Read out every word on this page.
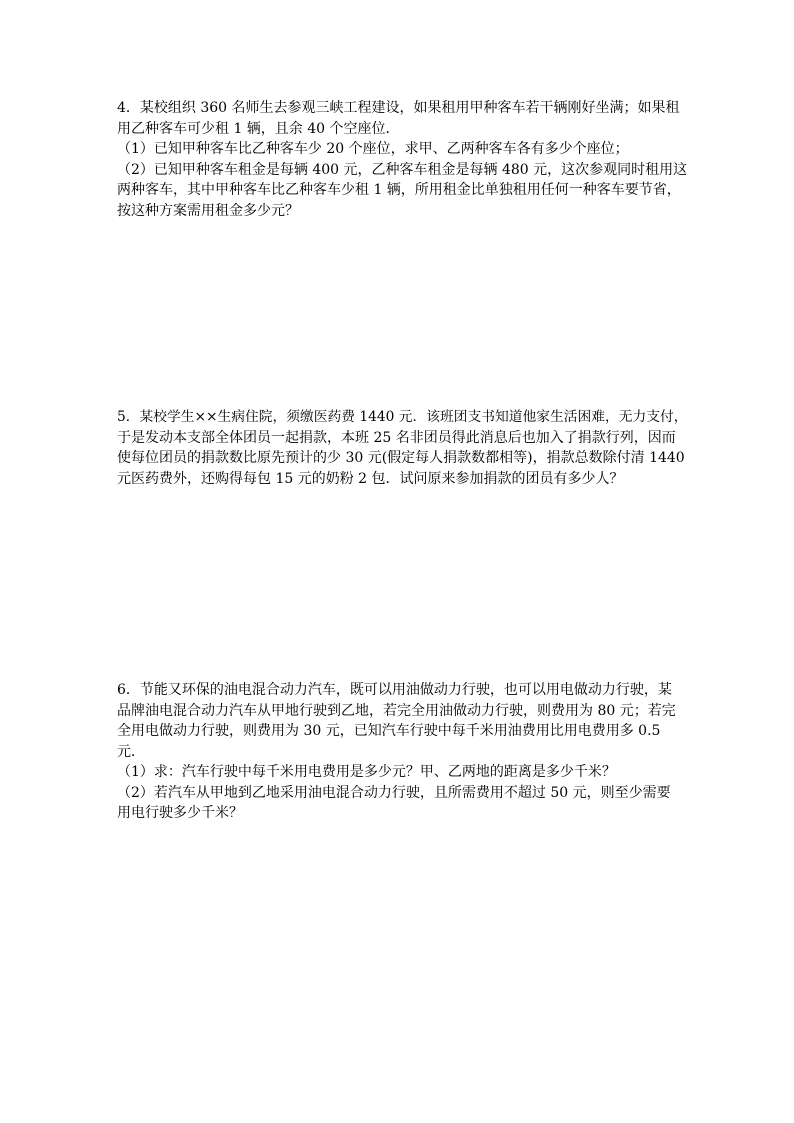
4．某校组织 360 名师生去参观三峡工程建设，如果租用甲种客车若干辆刚好坐满；如果租
用乙种客车可少租 1 辆，且余 40 个空座位．
（1）已知甲种客车比乙种客车少 20 个座位，求甲、乙两种客车各有多少个座位；
（2）已知甲种客车租金是每辆 400 元，乙种客车租金是每辆 480 元，这次参观同时租用这
两种客车，其中甲种客车比乙种客车少租 1 辆，所用租金比单独租用任何一种客车要节省，
按这种方案需用租金多少元？
5．某校学生××生病住院，须缴医药费 1440 元．该班团支书知道他家生活困难，无力支付，
于是发动本支部全体团员一起捐款，本班 25 名非团员得此消息后也加入了捐款行列，因而
使每位团员的捐款数比原先预计的少 30 元(假定每人捐款数都相等)，捐款总数除付清 1440
元医药费外，还购得每包 15 元的奶粉 2 包．试问原来参加捐款的团员有多少人？
6．节能又环保的油电混合动力汽车，既可以用油做动力行驶，也可以用电做动力行驶，某
品牌油电混合动力汽车从甲地行驶到乙地，若完全用油做动力行驶，则费用为 80 元；若完
全用电做动力行驶，则费用为 30 元，已知汽车行驶中每千米用油费用比用电费用多 0.5
元．
（1）求：汽车行驶中每千米用电费用是多少元？甲、乙两地的距离是多少千米？
（2）若汽车从甲地到乙地采用油电混合动力行驶，且所需费用不超过 50 元，则至少需要
用电行驶多少千米？
